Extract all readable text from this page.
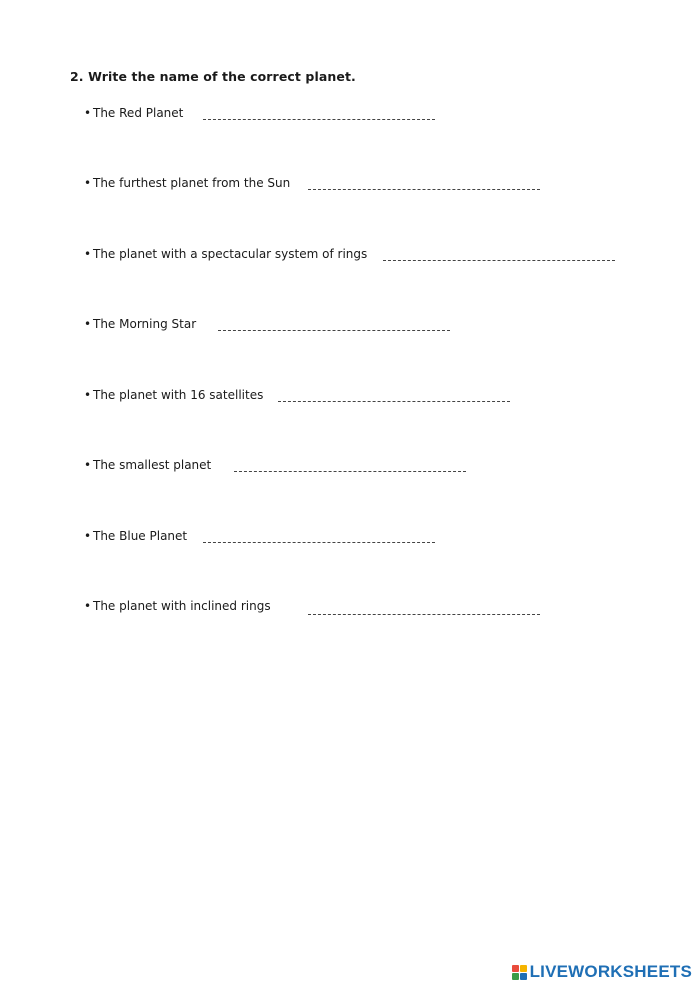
2. Write the name of the correct planet.
• The Red Planet
• The furthest planet from the Sun
• The planet with a spectacular system of rings
• The Morning Star
• The planet with 16 satellites
• The smallest planet
• The Blue Planet
• The planet with inclined rings
LIVEWORKSHEETS
